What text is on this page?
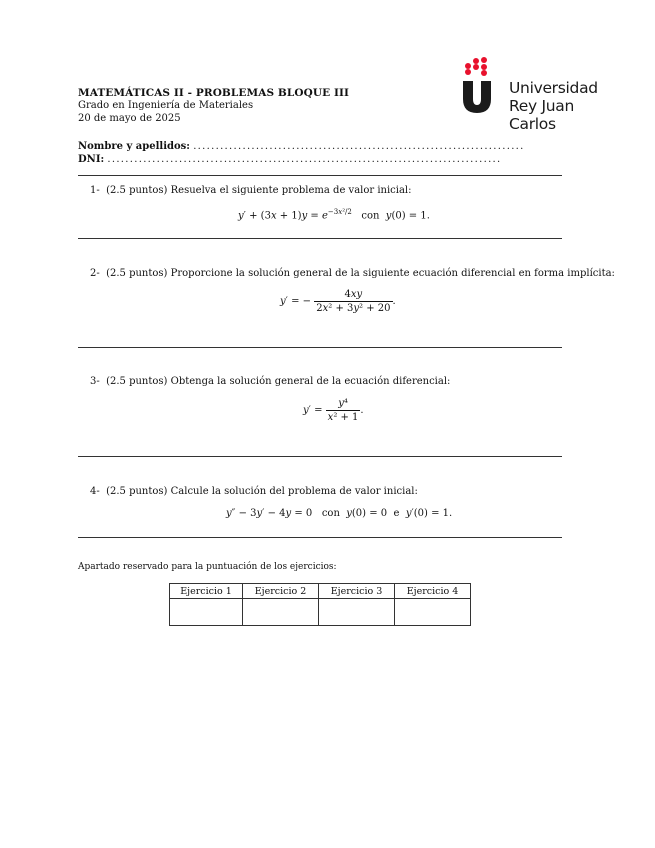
MATEMÁTICAS II - PROBLEMAS BLOQUE III
Grado en Ingeniería de Materiales
20 de mayo de 2025
Universidad
Rey Juan Carlos
Nombre y apellidos: ..........................................................................
DNI: ........................................................................................
1- (2.5 puntos) Resuelva el siguiente problema de valor inicial:
$y' + (3x + 1)y = e^{-3x^2/2}$ con y(0) = 1.
2- (2.5 puntos) Proporcione la solución general de la siguiente ecuación diferencial en forma implícita:
y′ = − $\frac{4xy}{\text{2x² + 3y² + 20}}$ .
3- (2.5 puntos) Obtenga la solución general de la ecuación diferencial:
$y' = \frac{\text{y⁴}}{\text{x² + 1}}$ .
4- (2.5 puntos) Calcule la solución del problema de valor inicial:
y″ − 3y′ − 4y = 0   con y(0) = 0  e  y′(0) = 1.
Apartado reservado para la puntuación de los ejercicios:
Ejercicio 1	Ejercicio 2	Ejercicio 3	Ejercicio 4
